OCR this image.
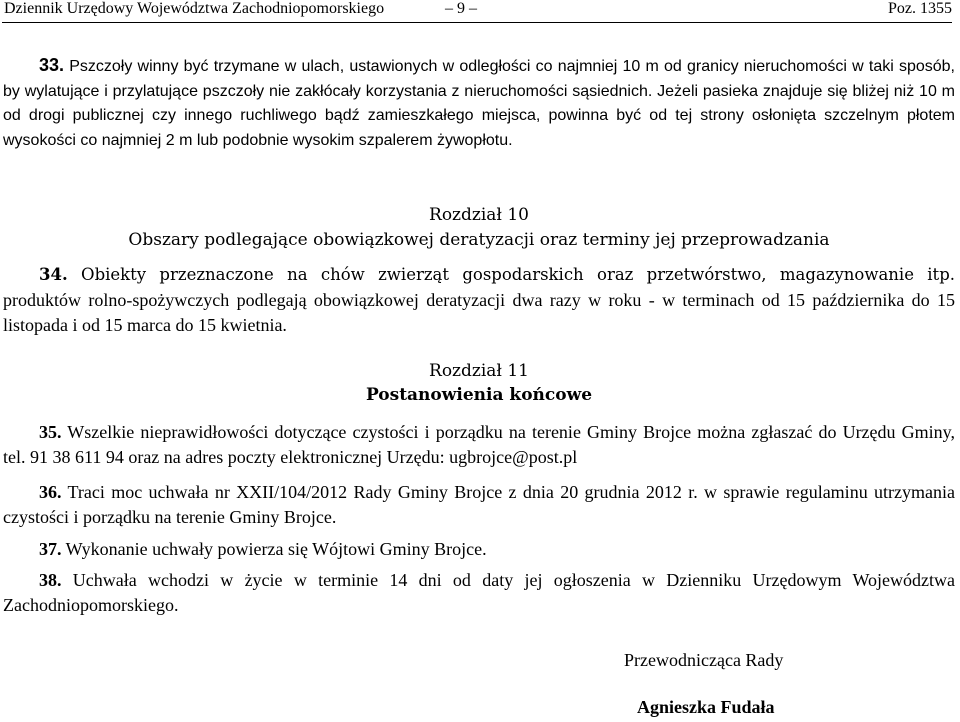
Dziennik Urzędowy Województwa Zachodniopomorskiego	– 9 –	Poz. 1355
33. Pszczoły winny być trzymane w ulach, ustawionych w odległości co najmniej 10 m od granicy nieruchomości w taki sposób, by wylatujące i przylatujące pszczoły nie zakłócały korzystania z nieruchomości sąsiednich. Jeżeli pasieka znajduje się bliżej niż 10 m od drogi publicznej czy innego ruchliwego bądź zamieszkałego miejsca, powinna być od tej strony osłonięta szczelnym płotem wysokości co najmniej 2 m lub podobnie wysokim szpalerem żywopłotu.
Rozdział 10
Obszary podlegające obowiązkowej deratyzacji oraz terminy jej przeprowadzania
34. Obiekty przeznaczone na chów zwierząt gospodarskich oraz przetwórstwo, magazynowanie itp. produktów rolno-spożywczych podlegają obowiązkowej deratyzacji dwa razy w roku - w terminach od 15 października do 15 listopada i od 15 marca do 15 kwietnia.
Rozdział 11
Postanowienia końcowe
35. Wszelkie nieprawidłowości dotyczące czystości i porządku na terenie Gminy Brojce można zgłaszać do Urzędu Gminy, tel. 91 38 611 94 oraz na adres poczty elektronicznej Urzędu: ugbrojce@post.pl
36. Traci moc uchwała nr XXII/104/2012 Rady Gminy Brojce z dnia 20 grudnia 2012 r. w sprawie regulaminu utrzymania czystości i porządku na terenie Gminy Brojce.
37. Wykonanie uchwały powierza się Wójtowi Gminy Brojce.
38. Uchwała wchodzi w życie w terminie 14 dni od daty jej ogłoszenia w Dzienniku Urzędowym Województwa Zachodniopomorskiego.
Przewodnicząca Rady
Agnieszka Fudała
